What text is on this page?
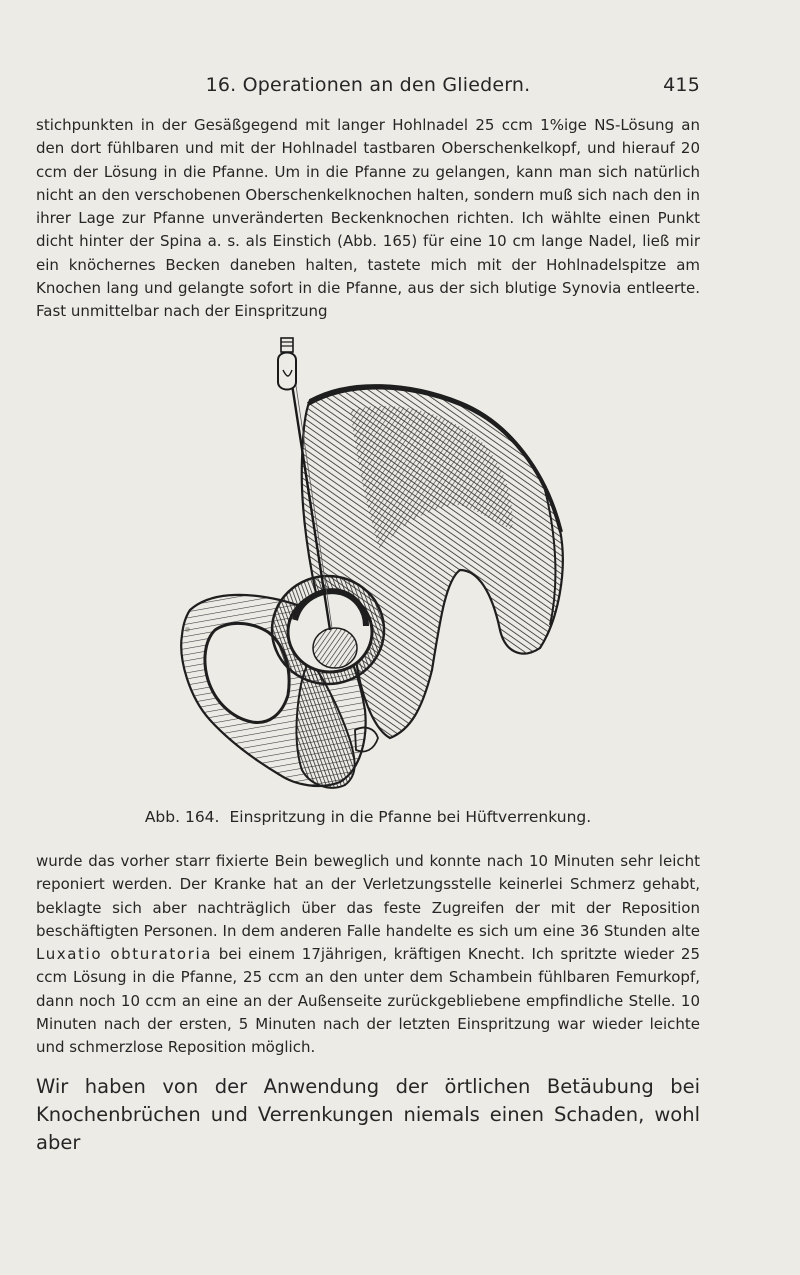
16. Operationen an den Gliedern.	415

stichpunkten in der Gesäßgegend mit langer Hohlnadel 25 ccm 1%ige NS-Lösung an den dort fühlbaren und mit der Hohlnadel tastbaren Oberschenkelkopf, und hierauf 20 ccm der Lösung in die Pfanne. Um in die Pfanne zu gelangen, kann man sich natürlich nicht an den verschobenen Oberschenkelknochen halten, sondern muß sich nach den in ihrer Lage zur Pfanne unveränderten Beckenknochen richten. Ich wählte einen Punkt dicht hinter der Spina a. s. als Einstich (Abb. 165) für eine 10 cm lange Nadel, ließ mir ein knöchernes Becken daneben halten, tastete mich mit der Hohlnadelspitze am Knochen lang und gelangte sofort in die Pfanne, aus der sich blutige Synovia entleerte. Fast unmittelbar nach der Einspritzung

Abb. 164. Einspritzung in die Pfanne bei Hüftverrenkung.

wurde das vorher starr fixierte Bein beweglich und konnte nach 10 Minuten sehr leicht reponiert werden. Der Kranke hat an der Verletzungsstelle keinerlei Schmerz gehabt, beklagte sich aber nachträglich über das feste Zugreifen der mit der Reposition beschäftigten Personen. In dem anderen Falle handelte es sich um eine 36 Stunden alte Luxatio obturatoria bei einem 17jährigen, kräftigen Knecht. Ich spritzte wieder 25 ccm Lösung in die Pfanne, 25 ccm an den unter dem Schambein fühlbaren Femurkopf, dann noch 10 ccm an eine an der Außenseite zurückgebliebene empfindliche Stelle. 10 Minuten nach der ersten, 5 Minuten nach der letzten Einspritzung war wieder leichte und schmerzlose Reposition möglich.

Wir haben von der Anwendung der örtlichen Betäubung bei Knochenbrüchen und Verrenkungen niemals einen Schaden, wohl aber
